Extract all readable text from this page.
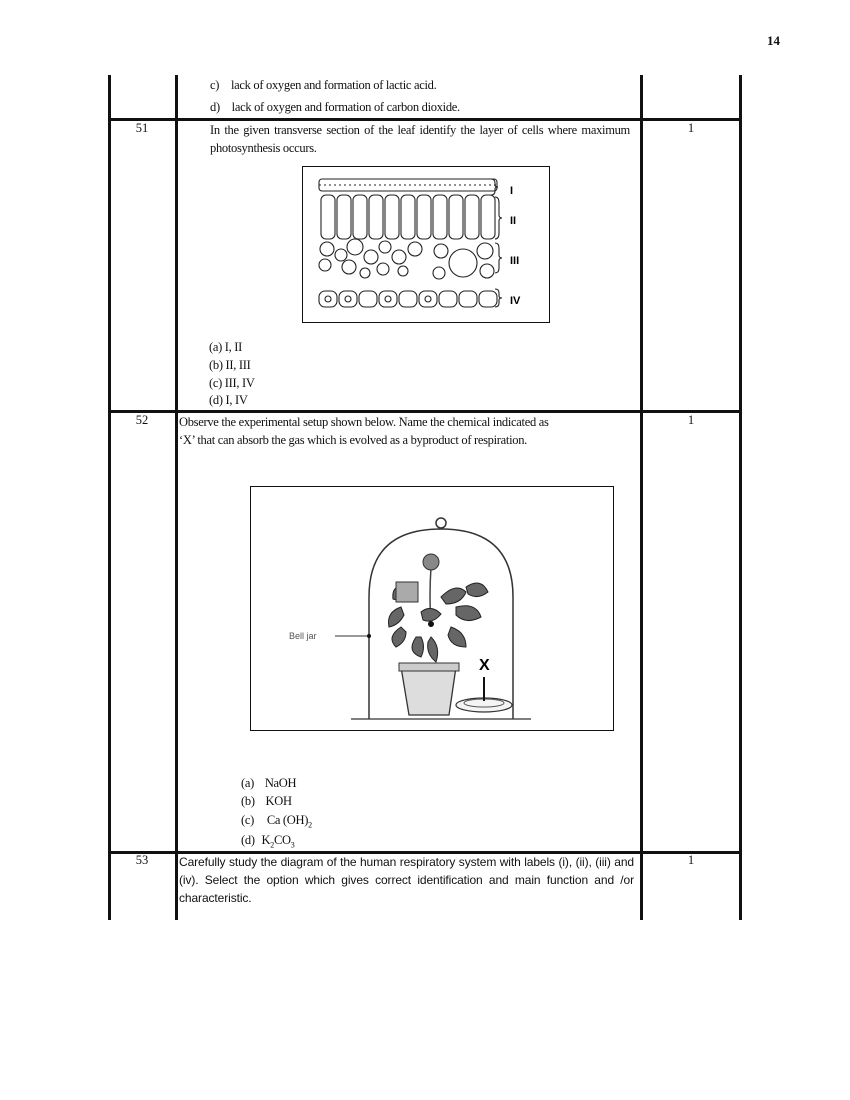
14
c) lack of oxygen and formation of lactic acid.
d) lack of oxygen and formation of carbon dioxide.
51	1
In the given transverse section of the leaf identify the layer of cells where maximum photosynthesis occurs.
I
II
III
IV
(a) I, II
(b) II, III
(c) III, IV
(d) I, IV
52	1
Observe the experimental setup shown below. Name the chemical indicated as
‘X’ that can absorb the gas which is evolved as a byproduct of respiration.
X
Bell jar
(a) NaOH
(b) KOH
(c) Ca $(OH)_2$
(d) $K_2CO_3$
53	1
Carefully study the diagram of the human respiratory system with labels (i), (ii), (iii) and (iv). Select the option which gives correct identification and main function and /or characteristic.
